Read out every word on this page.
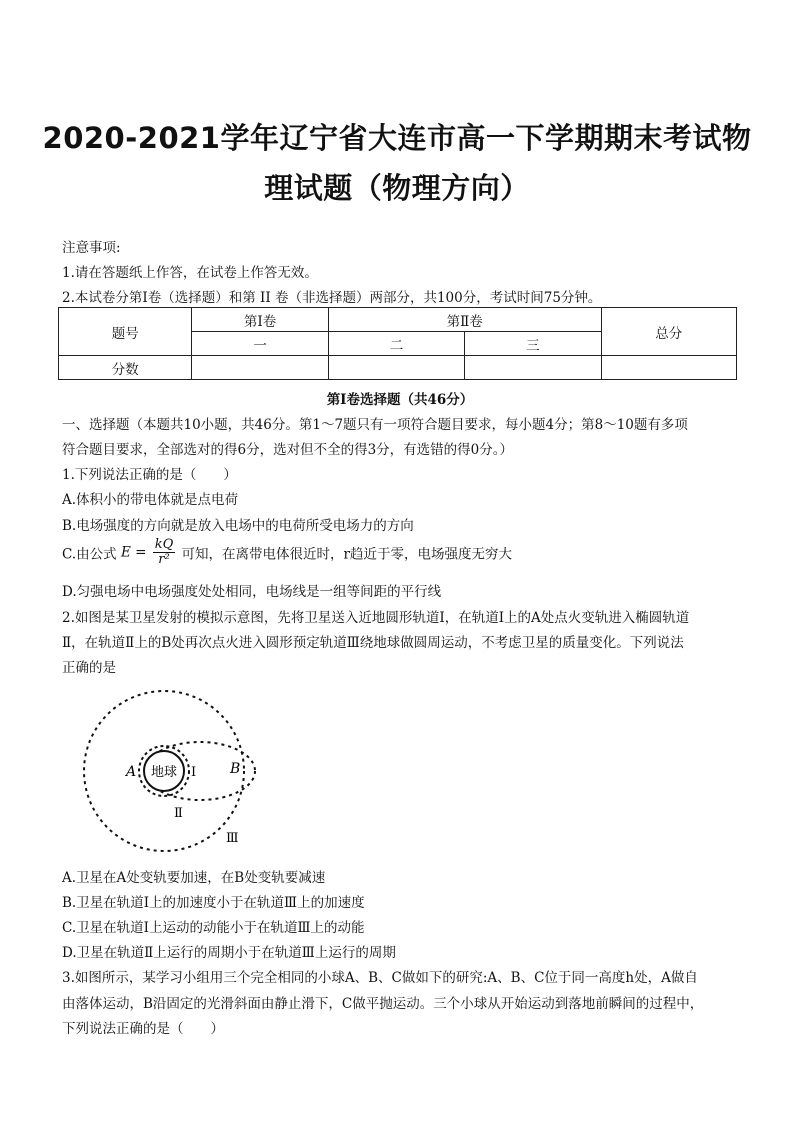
2020-2021学年辽宁省大连市高一下学期期末考试物
理试题（物理方向）
注意事项:
1.请在答题纸上作答，在试卷上作答无效。
2.本试卷分第Ⅰ卷（选择题）和第 II 卷（非选择题）两部分，共100分，考试时间75分钟。
题号	第Ⅰ卷	第Ⅱ卷		总分
	一	二	三	
分数				
第Ⅰ卷选择题（共46分）
一、选择题（本题共10小题，共46分。第1～7题只有一项符合题目要求，每小题4分；第8～10题有多项
符合题目要求，全部选对的得6分，选对但不全的得3分，有选错的得0分。）
1.下列说法正确的是（　　）
A.体积小的带电体就是点电荷
B.电场强度的方向就是放入电场中的电荷所受电场力的方向
C.由公式 $E = \frac{kQ}{\text{r²}}$ 可知，在离带电体很近时，r趋近于零，电场强度无穷大
D.匀强电场中电场强度处处相同，电场线是一组等间距的平行线
2.如图是某卫星发射的模拟示意图，先将卫星送入近地圆形轨道Ⅰ，在轨道Ⅰ上的A处点火变轨进入椭圆轨道
Ⅱ，在轨道Ⅱ上的B处再次点火进入圆形预定轨道Ⅲ绕地球做圆周运动，不考虑卫星的质量变化。下列说法
正确的是
地球
A	B
Ⅰ
Ⅱ
Ⅲ
A.卫星在A处变轨要加速，在B处变轨要减速
B.卫星在轨道Ⅰ上的加速度小于在轨道Ⅲ上的加速度
C.卫星在轨道Ⅰ上运动的动能小于在轨道Ⅲ上的动能
D.卫星在轨道Ⅱ上运行的周期小于在轨道Ⅲ上运行的周期
3.如图所示，某学习小组用三个完全相同的小球A、B、C做如下的研究:A、B、C位于同一高度h处，A做自
由落体运动，B沿固定的光滑斜面由静止滑下，C做平抛运动。三个小球从开始运动到落地前瞬间的过程中，
下列说法正确的是（　　）
